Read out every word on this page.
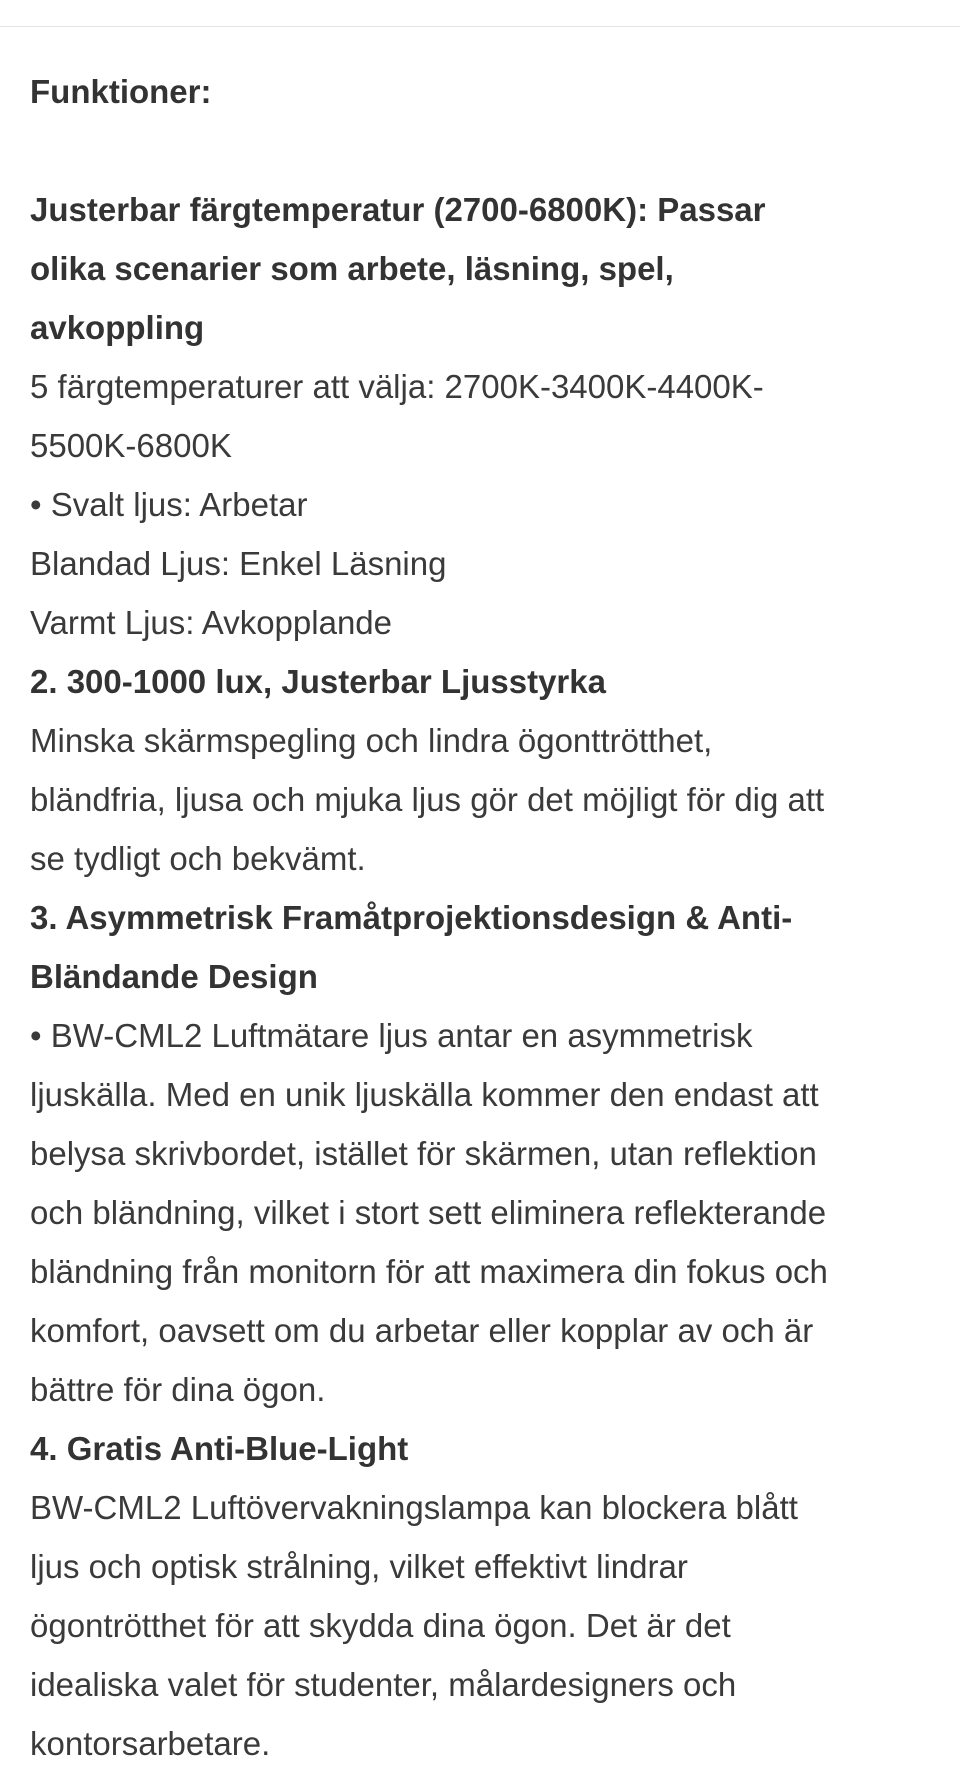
Funktioner:
Justerbar färgtemperatur (2700-6800K): Passar
olika scenarier som arbete, läsning, spel,
avkoppling
5 färgtemperaturer att välja: 2700K-3400K-4400K-
5500K-6800K
• Svalt ljus: Arbetar
Blandad Ljus: Enkel Läsning
Varmt Ljus: Avkopplande
2. 300-1000 lux, Justerbar Ljusstyrka
Minska skärmspegling och lindra ögonttrötthet,
bländfria, ljusa och mjuka ljus gör det möjligt för dig att
se tydligt och bekvämt.
3. Asymmetrisk Framåtprojektionsdesign & Anti-
Bländande Design
• BW-CML2 Luftmätare ljus antar en asymmetrisk
ljuskälla. Med en unik ljuskälla kommer den endast att
belysa skrivbordet, istället för skärmen, utan reflektion
och bländning, vilket i stort sett eliminera reflekterande
bländning från monitorn för att maximera din fokus och
komfort, oavsett om du arbetar eller kopplar av och är
bättre för dina ögon.
4. Gratis Anti-Blue-Light
BW-CML2 Luftövervakningslampa kan blockera blått
ljus och optisk strålning, vilket effektivt lindrar
ögontrötthet för att skydda dina ögon. Det är det
idealiska valet för studenter, målardesigners och
kontorsarbetare.
